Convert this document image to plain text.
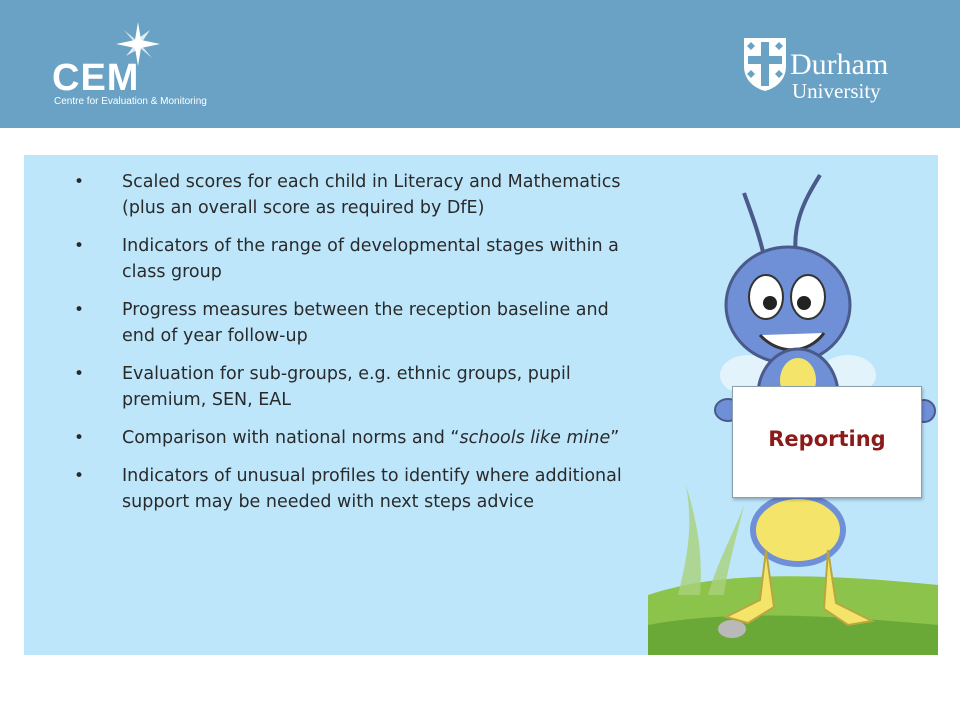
CEM
Centre for Evaluation & Monitoring
Durham
University
• Scaled scores for each child in Literacy and Mathematics (plus an overall score as required by DfE)
• Indicators of the range of developmental stages within a class group
• Progress measures between the reception baseline and end of year follow-up
• Evaluation for sub-groups, e.g. ethnic groups, pupil premium, SEN, EAL
• Comparison with national norms and “schools like mine”
• Indicators of unusual profiles to identify where additional support may be needed with next steps advice
Reporting
